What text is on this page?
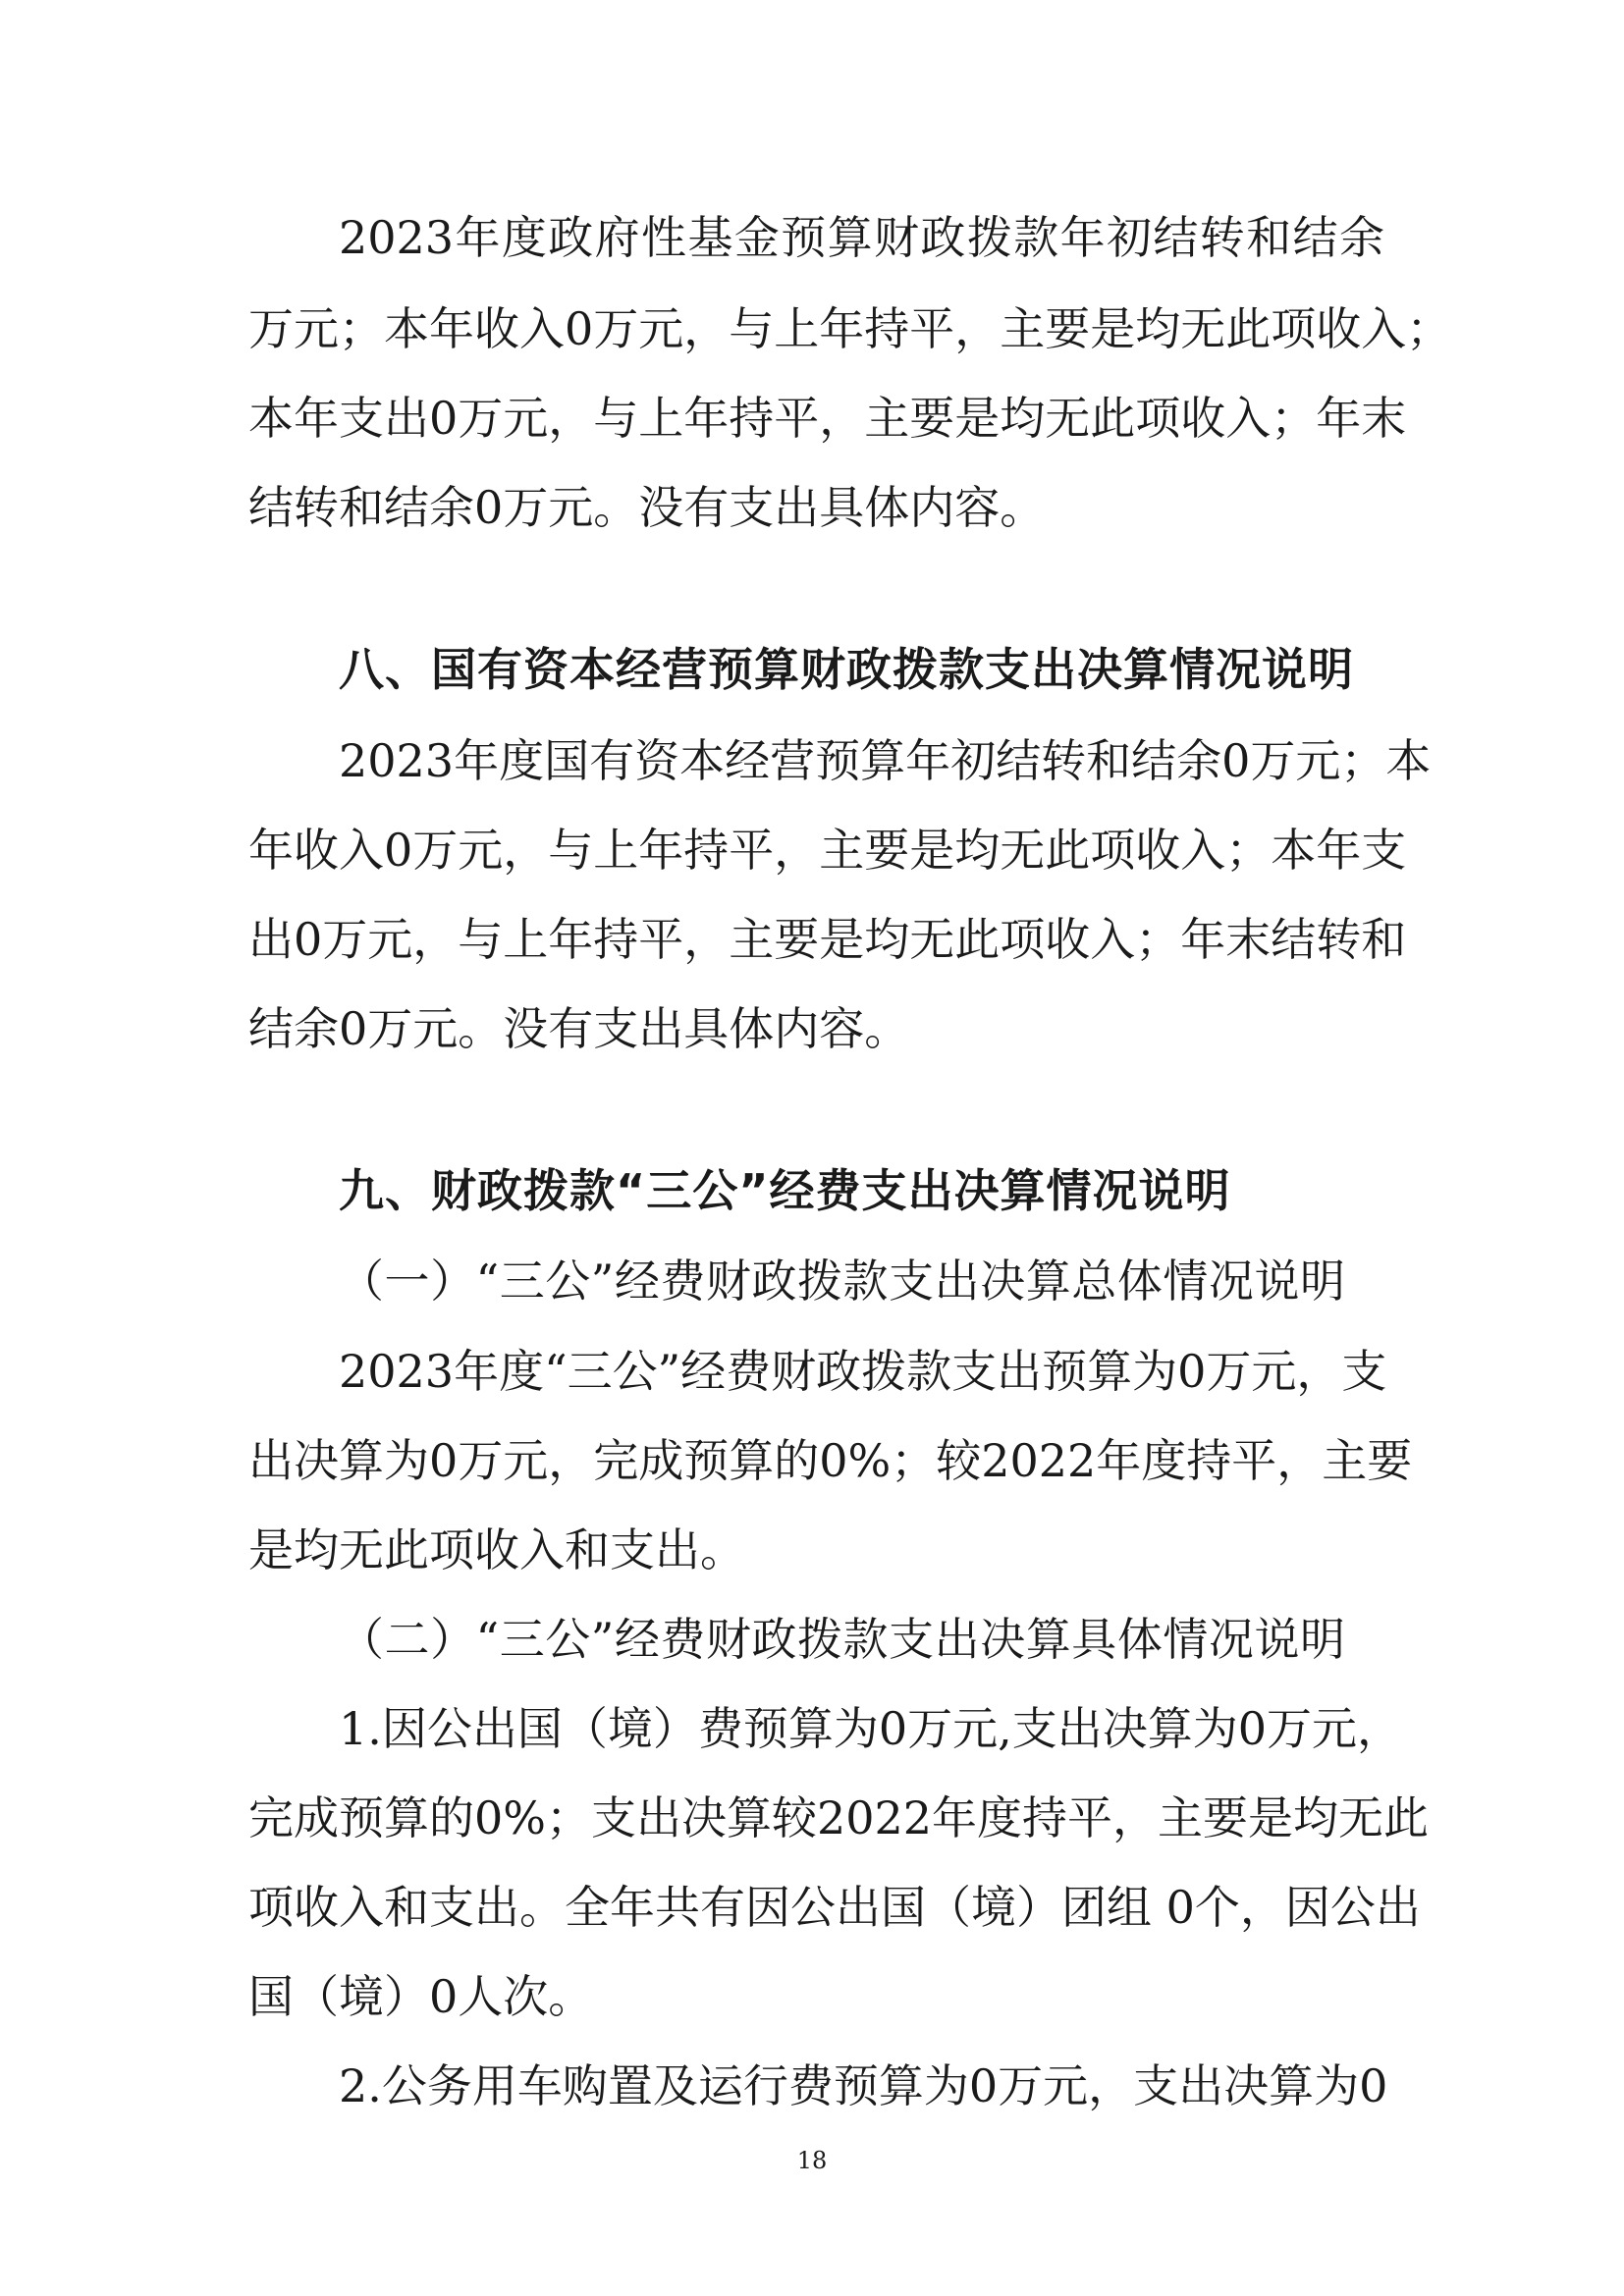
2023年度政府性基金预算财政拨款年初结转和结余
万元；本年收入0万元，与上年持平，主要是均无此项收入；
本年支出0万元，与上年持平，主要是均无此项收入；年末
结转和结余0万元。没有支出具体内容。
八、国有资本经营预算财政拨款支出决算情况说明
2023年度国有资本经营预算年初结转和结余0万元；本
年收入0万元，与上年持平，主要是均无此项收入；本年支
出0万元，与上年持平，主要是均无此项收入；年末结转和
结余0万元。没有支出具体内容。
九、财政拨款“三公”经费支出决算情况说明
（一）“三公”经费财政拨款支出决算总体情况说明
2023年度“三公”经费财政拨款支出预算为0万元，支
出决算为0万元，完成预算的0%；较2022年度持平，主要
是均无此项收入和支出。
（二）“三公”经费财政拨款支出决算具体情况说明
1.因公出国（境）费预算为0万元,支出决算为0万元，
完成预算的0%；支出决算较2022年度持平，主要是均无此
项收入和支出。全年共有因公出国（境）团组 0个，因公出
国（境）0人次。
2.公务用车购置及运行费预算为0万元，支出决算为0
18
